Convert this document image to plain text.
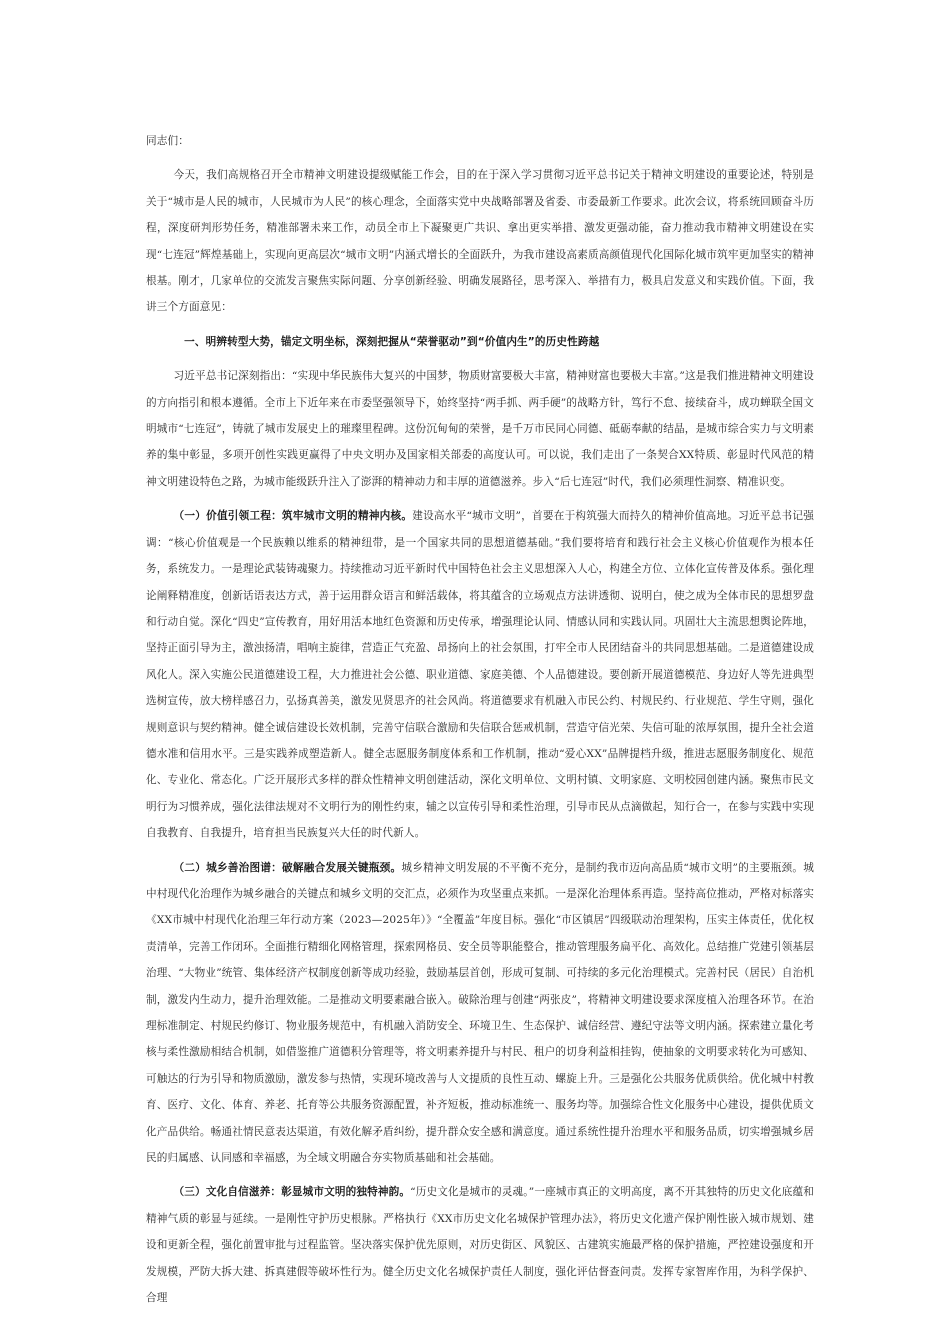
同志们：

今天，我们高规格召开全市精神文明建设提级赋能工作会，目的在于深入学习贯彻习近平总书记关于精神文明建设的重要论述，特别是关于“城市是人民的城市，人民城市为人民”的核心理念，全面落实党中央战略部署及省委、市委最新工作要求。此次会议，将系统回顾奋斗历程，深度研判形势任务，精准部署未来工作，动员全市上下凝聚更广共识、拿出更实举措、激发更强动能，奋力推动我市精神文明建设在实现“七连冠”辉煌基础上，实现向更高层次“城市文明”内涵式增长的全面跃升，为我市建设高素质高颜值现代化国际化城市筑牢更加坚实的精神根基。刚才，几家单位的交流发言聚焦实际问题、分享创新经验、明确发展路径，思考深入、举措有力，极具启发意义和实践价值。下面，我讲三个方面意见：

一、明辨转型大势，锚定文明坐标，深刻把握从“荣誉驱动”到“价值内生”的历史性跨越

习近平总书记深刻指出：“实现中华民族伟大复兴的中国梦，物质财富要极大丰富，精神财富也要极大丰富。”这是我们推进精神文明建设的方向指引和根本遵循。全市上下近年来在市委坚强领导下，始终坚持“两手抓、两手硬”的战略方针，笃行不怠、接续奋斗，成功蝉联全国文明城市“七连冠”，铸就了城市发展史上的璀璨里程碑。这份沉甸甸的荣誉，是千万市民同心同德、砥砺奉献的结晶，是城市综合实力与文明素养的集中彰显，多项开创性实践更赢得了中央文明办及国家相关部委的高度认可。可以说，我们走出了一条契合XX特质、彰显时代风范的精神文明建设特色之路，为城市能级跃升注入了澎湃的精神动力和丰厚的道德滋养。步入“后七连冠”时代，我们必须理性洞察、精准识变。

（一）价值引领工程：筑牢城市文明的精神内核。建设高水平“城市文明”，首要在于构筑强大而持久的精神价值高地。习近平总书记强调：“核心价值观是一个民族赖以维系的精神纽带，是一个国家共同的思想道德基础。”我们要将培育和践行社会主义核心价值观作为根本任务，系统发力。一是理论武装铸魂聚力。持续推动习近平新时代中国特色社会主义思想深入人心，构建全方位、立体化宣传普及体系。强化理论阐释精准度，创新话语表达方式，善于运用群众语言和鲜活载体，将其蕴含的立场观点方法讲透彻、说明白，使之成为全体市民的思想罗盘和行动自觉。深化“四史”宣传教育，用好用活本地红色资源和历史传承，增强理论认同、情感认同和实践认同。巩固壮大主流思想舆论阵地，坚持正面引导为主，激浊扬清，唱响主旋律，营造正气充盈、昂扬向上的社会氛围，打牢全市人民团结奋斗的共同思想基础。二是道德建设成风化人。深入实施公民道德建设工程，大力推进社会公德、职业道德、家庭美德、个人品德建设。要创新开展道德模范、身边好人等先进典型选树宣传，放大榜样感召力，弘扬真善美，激发见贤思齐的社会风尚。将道德要求有机融入市民公约、村规民约、行业规范、学生守则，强化规则意识与契约精神。健全诚信建设长效机制，完善守信联合激励和失信联合惩戒机制，营造守信光荣、失信可耻的浓厚氛围，提升全社会道德水准和信用水平。三是实践养成塑造新人。健全志愿服务制度体系和工作机制，推动“爱心XX”品牌提档升级，推进志愿服务制度化、规范化、专业化、常态化。广泛开展形式多样的群众性精神文明创建活动，深化文明单位、文明村镇、文明家庭、文明校园创建内涵。聚焦市民文明行为习惯养成，强化法律法规对不文明行为的刚性约束，辅之以宣传引导和柔性治理，引导市民从点滴做起，知行合一，在参与实践中实现自我教育、自我提升，培育担当民族复兴大任的时代新人。

（二）城乡善治图谱：破解融合发展关键瓶颈。城乡精神文明发展的不平衡不充分，是制约我市迈向高品质“城市文明”的主要瓶颈。城中村现代化治理作为城乡融合的关键点和城乡文明的交汇点，必须作为攻坚重点来抓。一是深化治理体系再造。坚持高位推动，严格对标落实《XX市城中村现代化治理三年行动方案（2023—2025年）》“全覆盖”年度目标。强化“市区镇居”四级联动治理架构，压实主体责任，优化权责清单，完善工作闭环。全面推行精细化网格管理，探索网格员、安全员等职能整合，推动管理服务扁平化、高效化。总结推广党建引领基层治理、“大物业”统管、集体经济产权制度创新等成功经验，鼓励基层首创，形成可复制、可持续的多元化治理模式。完善村民（居民）自治机制，激发内生动力，提升治理效能。二是推动文明要素融合嵌入。破除治理与创建“两张皮”，将精神文明建设要求深度植入治理各环节。在治理标准制定、村规民约修订、物业服务规范中，有机融入消防安全、环境卫生、生态保护、诚信经营、遵纪守法等文明内涵。探索建立量化考核与柔性激励相结合机制，如借鉴推广道德积分管理等，将文明素养提升与村民、租户的切身利益相挂钩，使抽象的文明要求转化为可感知、可触达的行为引导和物质激励，激发参与热情，实现环境改善与人文提质的良性互动、螺旋上升。三是强化公共服务优质供给。优化城中村教育、医疗、文化、体育、养老、托育等公共服务资源配置，补齐短板，推动标准统一、服务均等。加强综合性文化服务中心建设，提供优质文化产品供给。畅通社情民意表达渠道，有效化解矛盾纠纷，提升群众安全感和满意度。通过系统性提升治理水平和服务品质，切实增强城乡居民的归属感、认同感和幸福感，为全域文明融合夯实物质基础和社会基础。

（三）文化自信滋养：彰显城市文明的独特神韵。“历史文化是城市的灵魂。”一座城市真正的文明高度，离不开其独特的历史文化底蕴和精神气质的彰显与延续。一是刚性守护历史根脉。严格执行《XX市历史文化名城保护管理办法》，将历史文化遗产保护刚性嵌入城市规划、建设和更新全程，强化前置审批与过程监管。坚决落实保护优先原则，对历史街区、风貌区、古建筑实施最严格的保护措施，严控建设强度和开发规模，严防大拆大建、拆真建假等破坏性行为。健全历史文化名城保护责任人制度，强化评估督查问责。发挥专家智库作用，为科学保护、合理
